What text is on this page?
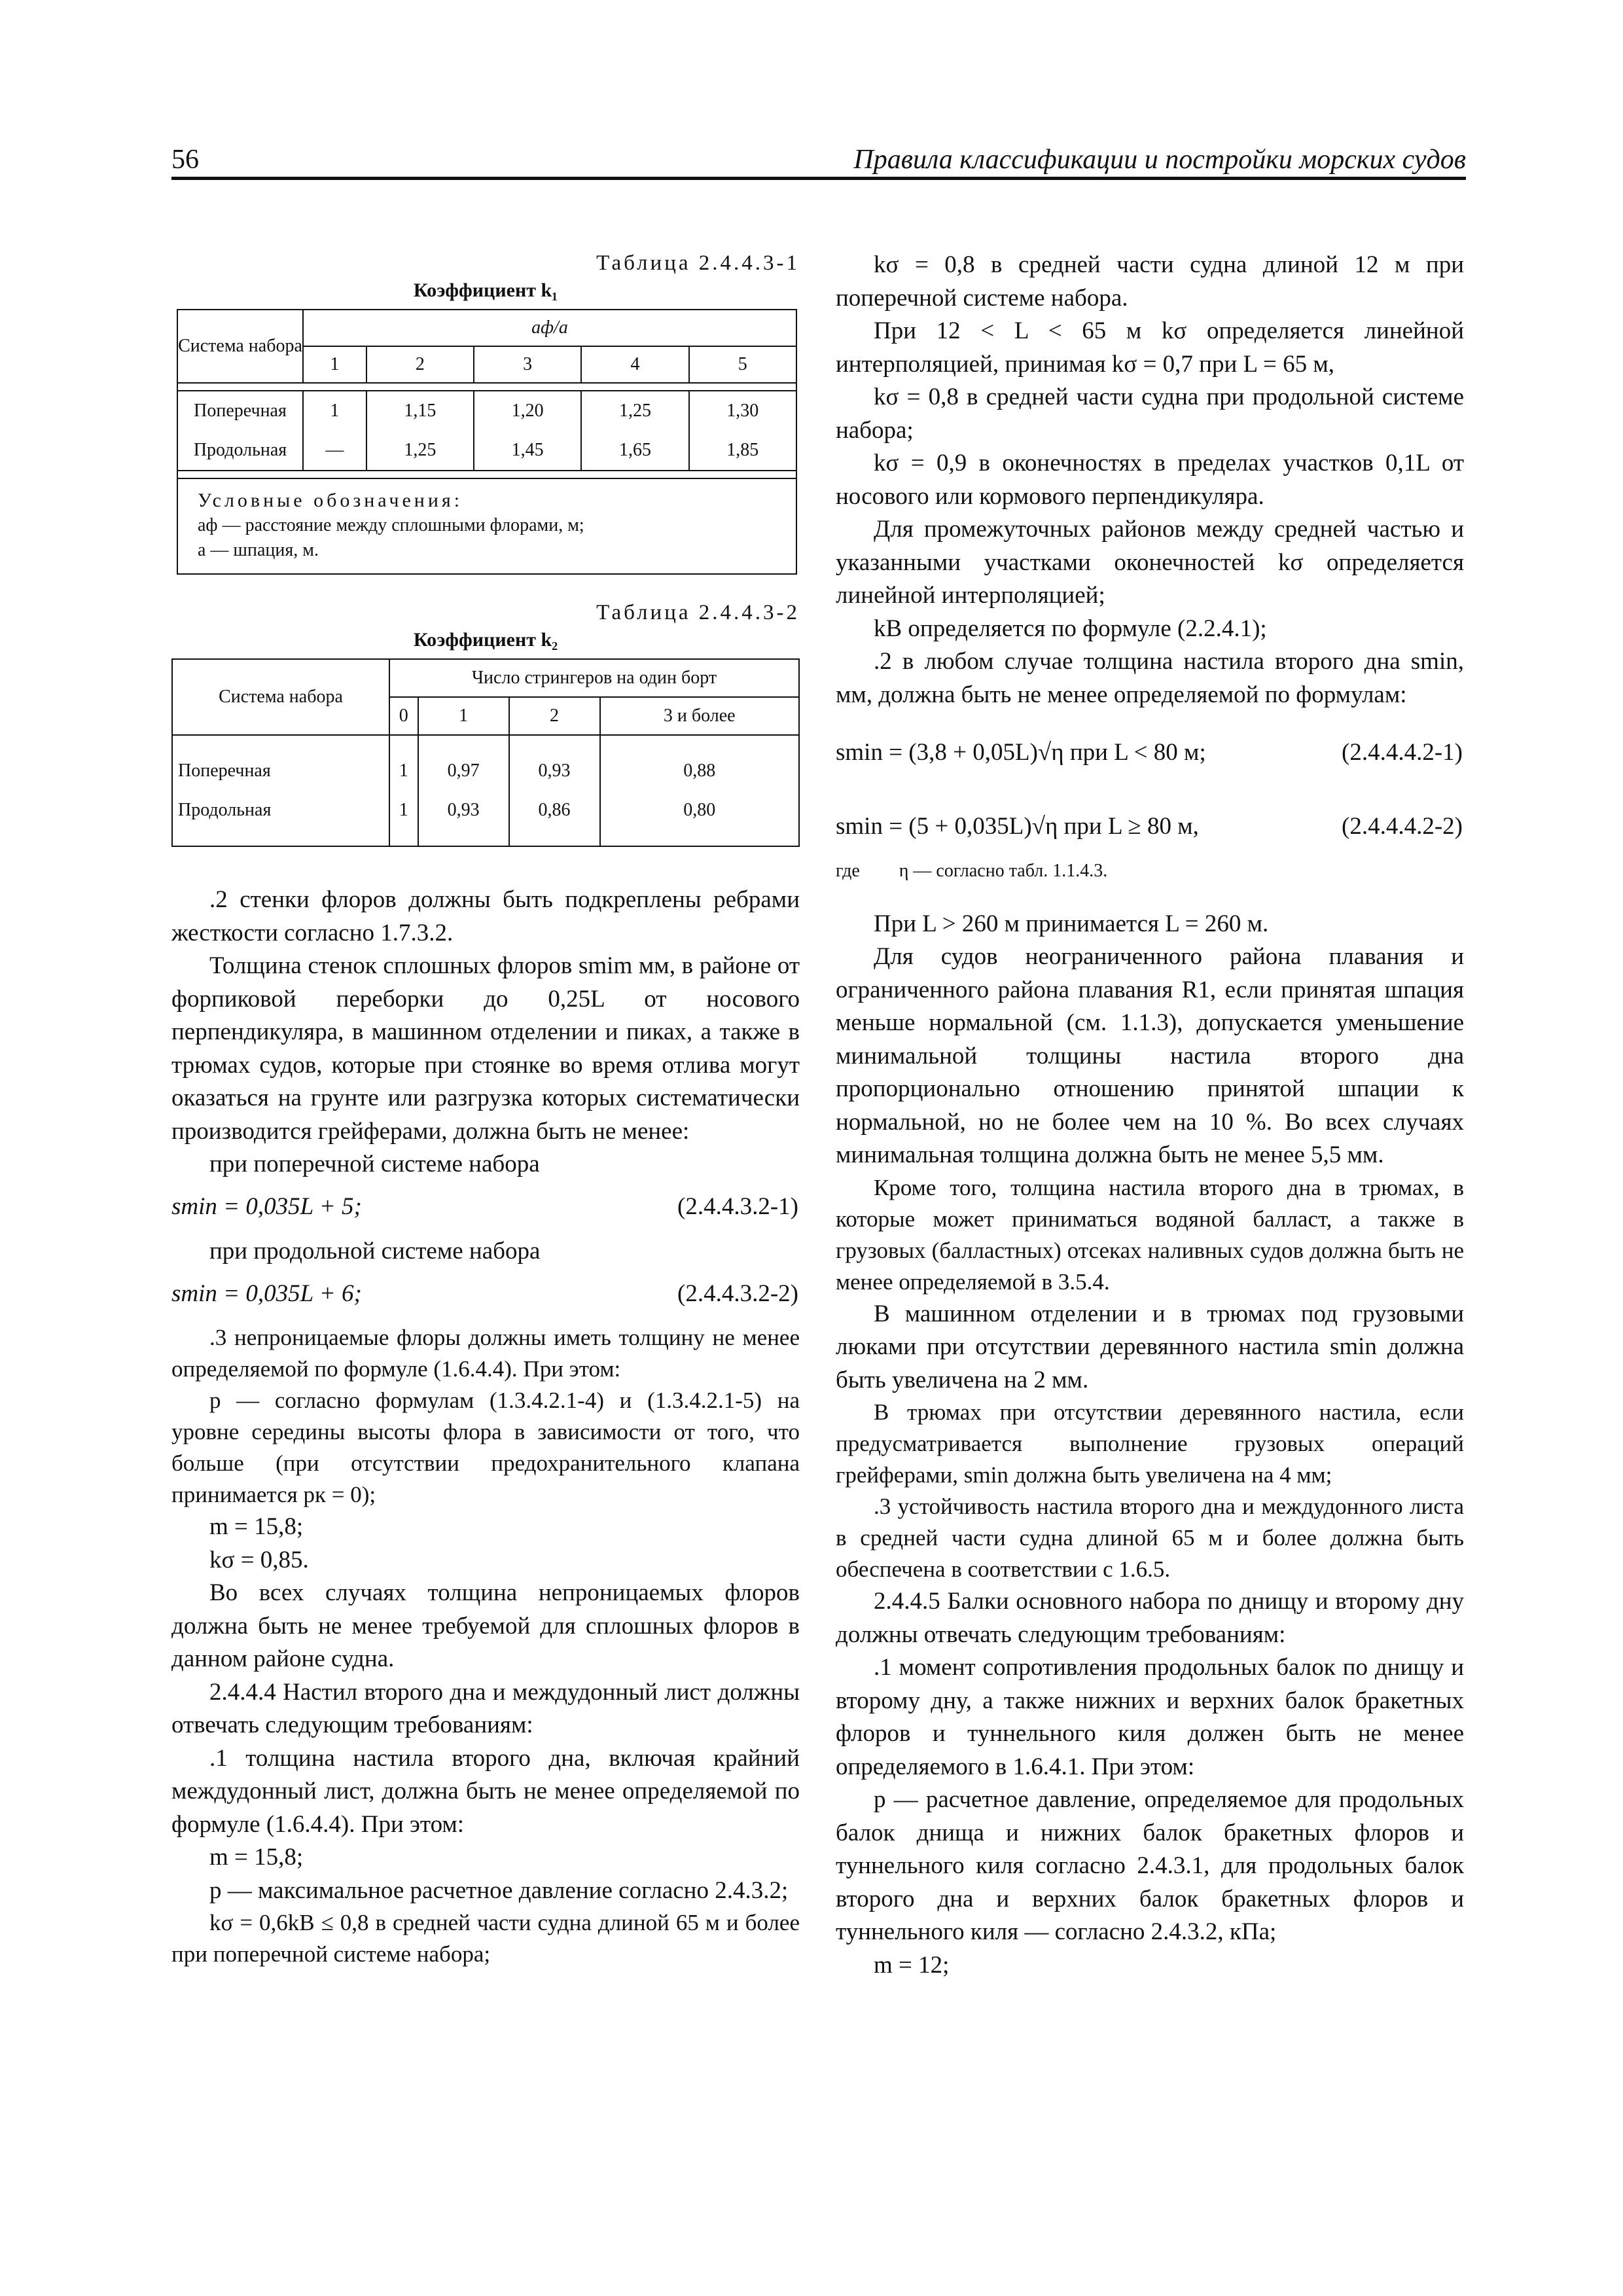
56	Правила классификации и постройки морских судов

Таблица 2.4.4.3-1

Коэффициент k₁

Система набора	aф/a				
	1	2	3	4	5

Поперечная	1	1,15	1,20	1,25	1,30
Продольная	—	1,25	1,45	1,65	1,85

Условные обозначения:
aф — расстояние между сплошными флорами, м;
a — шпация, м.					

Таблица 2.4.4.3-2

Коэффициент k₂

Система набора	Число стрингеров на один борт			
	0	1	2	3 и более
Поперечная	1	0,97	0,93	0,88
Продольная	1	0,93	0,86	0,80

.2 стенки флоров должны быть подкреплены ребрами жесткости согласно 1.7.3.2.

Толщина стенок сплошных флоров smim мм, в районе от форпиковой переборки до 0,25L от носового перпендикуляра, в машинном отделении и пиках, а также в трюмах судов, которые при стоянке во время отлива могут оказаться на грунте или разгрузка которых систематически производится грейферами, должна быть не менее:

при поперечной системе набора

smin = 0,035L + 5;	(2.4.4.3.2-1)

при продольной системе набора

smin = 0,035L + 6;	(2.4.4.3.2-2)

.3 непроницаемые флоры должны иметь толщину не менее определяемой по формуле (1.6.4.4). При этом:

p — согласно формулам (1.3.4.2.1-4) и (1.3.4.2.1-5) на уровне середины высоты флора в зависимости от того, что больше (при отсутствии предохранительного клапана принимается pк = 0);

m = 15,8;

kσ = 0,85.

Во всех случаях толщина непроницаемых флоров должна быть не менее требуемой для сплошных флоров в данном районе судна.

2.4.4.4 Настил второго дна и междудонный лист должны отвечать следующим требованиям:

.1 толщина настила второго дна, включая крайний междудонный лист, должна быть не менее определяемой по формуле (1.6.4.4). При этом:

m = 15,8;

p — максимальное расчетное давление согласно 2.4.3.2;

kσ = 0,6kB ≤ 0,8 в средней части судна длиной 65 м и более при поперечной системе набора;

kσ = 0,8 в средней части судна длиной 12 м при поперечной системе набора.

При 12 < L < 65 м kσ определяется линейной интерполяцией, принимая kσ = 0,7 при L = 65 м,

kσ = 0,8 в средней части судна при продольной системе набора;

kσ = 0,9 в оконечностях в пределах участков 0,1L от носового или кормового перпендикуляра.

Для промежуточных районов между средней частью и указанными участками оконечностей kσ определяется линейной интерполяцией;

kB определяется по формуле (2.2.4.1);

.2 в любом случае толщина настила второго дна smin, мм, должна быть не менее определяемой по формулам:

smin = (3,8 + 0,05L)√η при L < 80 м;	(2.4.4.4.2-1)
smin = (5 + 0,035L)√η при L ≥ 80 м,	(2.4.4.4.2-2)

где η — согласно табл. 1.1.4.3.

При L > 260 м принимается L = 260 м.

Для судов неограниченного района плавания и ограниченного района плавания R1, если принятая шпация меньше нормальной (см. 1.1.3), допускается уменьшение минимальной толщины настила второго дна пропорционально отношению принятой шпации к нормальной, но не более чем на 10 %. Во всех случаях минимальная толщина должна быть не менее 5,5 мм.

Кроме того, толщина настила второго дна в трюмах, в которые может приниматься водяной балласт, а также в грузовых (балластных) отсеках наливных судов должна быть не менее определяемой в 3.5.4.

В машинном отделении и в трюмах под грузовыми люками при отсутствии деревянного настила smin должна быть увеличена на 2 мм.

В трюмах при отсутствии деревянного настила, если предусматривается выполнение грузовых операций грейферами, smin должна быть увеличена на 4 мм;

.3 устойчивость настила второго дна и междудонного листа в средней части судна длиной 65 м и более должна быть обеспечена в соответствии с 1.6.5.

2.4.4.5 Балки основного набора по днищу и второму дну должны отвечать следующим требованиям:

.1 момент сопротивления продольных балок по днищу и второму дну, а также нижних и верхних балок бракетных флоров и туннельного киля должен быть не менее определяемого в 1.6.4.1. При этом:

p — расчетное давление, определяемое для продольных балок днища и нижних балок бракетных флоров и туннельного киля согласно 2.4.3.1, для продольных балок второго дна и верхних балок бракетных флоров и туннельного киля — согласно 2.4.3.2, кПа;

m = 12;
